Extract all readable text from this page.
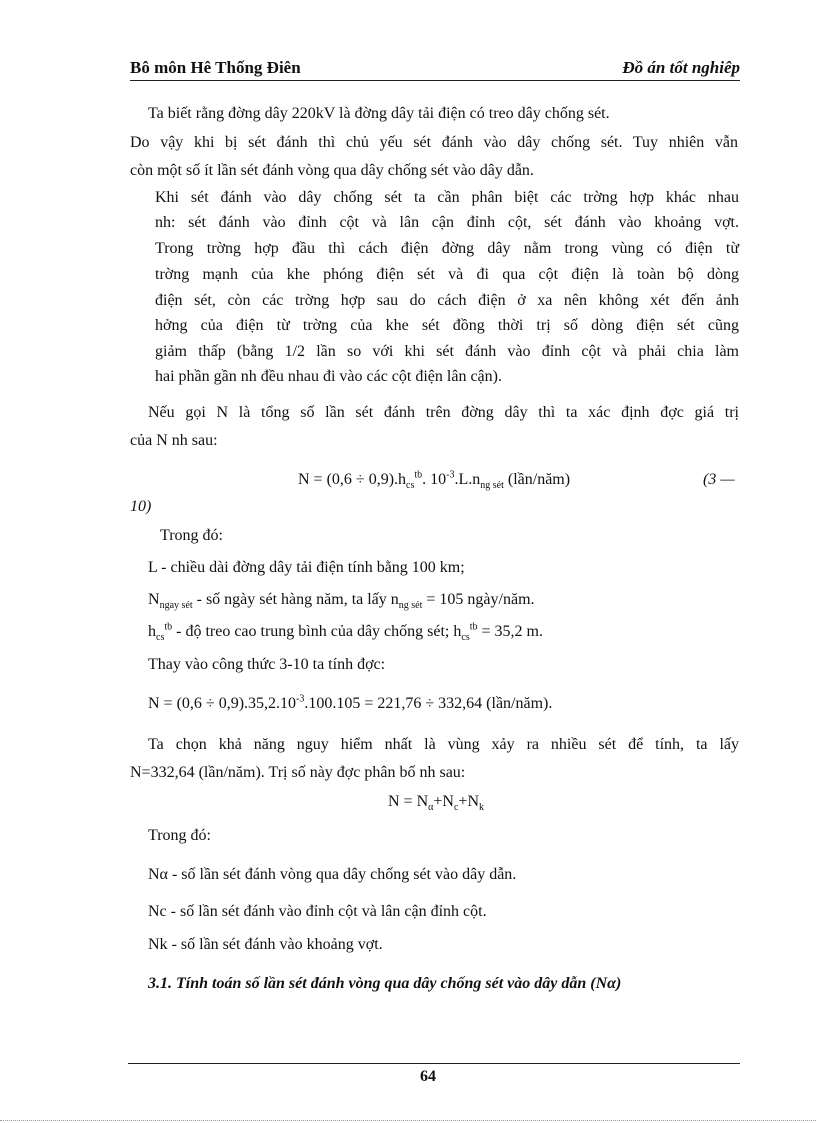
Bô môn Hê Thống Điên	Đồ án tốt nghiêp
Ta biết rằng đờng dây 220kV là đờng dây tải điện có treo dây chống sét.
Do vậy khi bị sét đánh thì chủ yếu sét đánh vào dây chống sét. Tuy nhiên vẫn
còn một số ít lần sét đánh vòng qua dây chống sét vào dây dẫn.
Khi sét đánh vào dây chống sét ta cần phân biệt các trờng hợp khác nhau
nh: sét đánh vào đỉnh cột và lân cận đỉnh cột, sét đánh vào khoảng vợt.
Trong trờng hợp đầu thì cách điện đờng dây nằm trong vùng có điện từ
trờng mạnh của khe phóng điện sét và đi qua cột điện là toàn bộ dòng
điện sét, còn các trờng hợp sau do cách điện ở xa nên không xét đến ảnh
hởng của điện từ trờng của khe sét đồng thời trị số dòng điện sét cũng
giảm thấp (bằng 1/2 lần so với khi sét đánh vào đỉnh cột và phải chia làm
hai phần gần nh đều nhau đi vào các cột điện lân cận).
Nếu gọi N là tổng số lần sét đánh trên đờng dây thì ta xác định đợc giá trị
của N nh sau:
$N = (0,6 \div 0,9).h_{cs}^{tb}$. $10^{-3}.L.n_{ng sét}$ (lần/năm)	(3 —
10)
Trong đó:
L - chiều dài đờng dây tải điện tính bằng 100 km;
$N_{ngay sét}$ - số ngày sét hàng năm, ta lấy $n_{ng sét} = 105$ ngày/năm.
$h_{cs}^{tb}$ - độ treo cao trung bình của dây chống sét; $h_{cs}^{tb} = 35,2$ m.
Thay vào công thức 3-10 ta tính đợc:
$N = (0,6 \div 0,9).35,2.10^{-3}.100.105 = 221,76 \div 332,64$ (lần/năm).
Ta chọn khả năng nguy hiểm nhất là vùng xảy ra nhiều sét để tính, ta lấy
N=332,64 (lần/năm). Trị số này đợc phân bố nh sau:
$N = N_\alpha+N_c+N_k$
Trong đó:
Nα - số lần sét đánh vòng qua dây chống sét vào dây dẫn.
Nc - số lần sét đánh vào đỉnh cột và lân cận đỉnh cột.
Nk - số lần sét đánh vào khoảng vợt.
3.1. Tính toán số lần sét đánh vòng qua dây chống sét vào dây dẫn (Nα)
64
